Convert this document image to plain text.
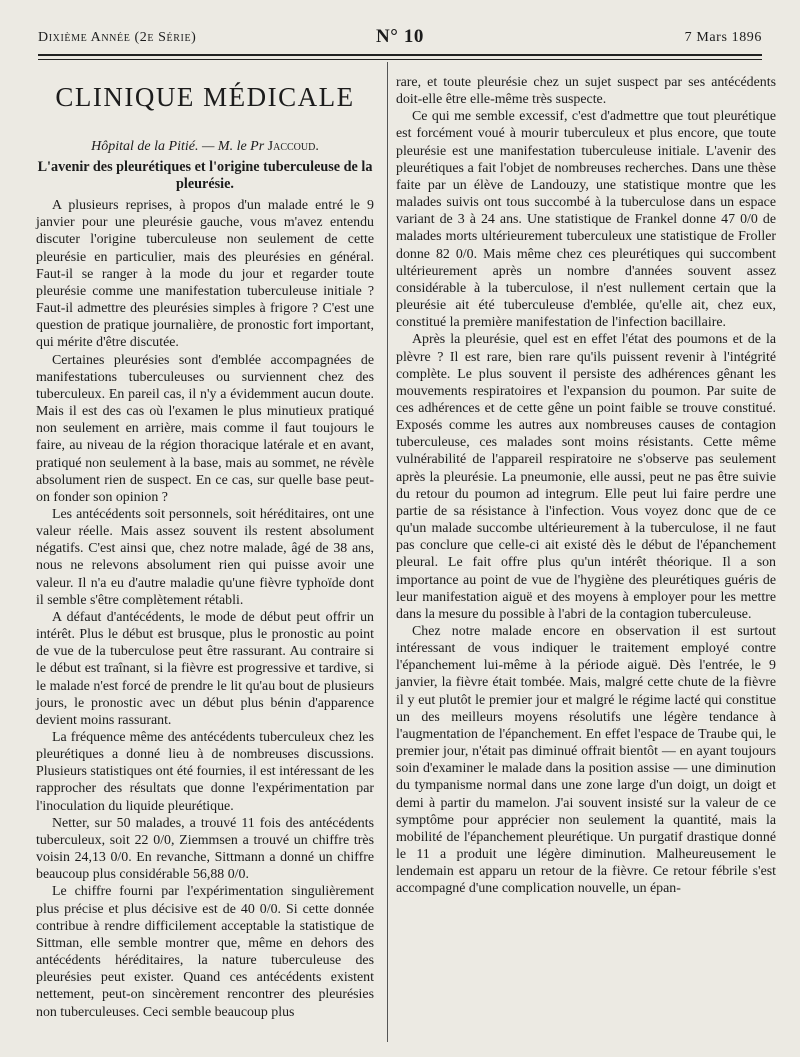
Dixième Année (2e Série)	N° 10	7 Mars 1896
CLINIQUE MÉDICALE
Hôpital de la Pitié. — M. le Pr Jaccoud.
L'avenir des pleurétiques et l'origine tuberculeuse de la pleurésie.

A plusieurs reprises, à propos d'un malade entré le 9 janvier pour une pleurésie gauche, vous m'avez entendu discuter l'origine tuberculeuse non seulement de cette pleurésie en particulier, mais des pleurésies en général. Faut-il se ranger à la mode du jour et regarder toute pleurésie comme une manifestation tuberculeuse initiale ? Faut-il admettre des pleurésies simples à frigore ? C'est une question de pratique journalière, de pronostic fort important, qui mérite d'être discutée.

Certaines pleurésies sont d'emblée accompagnées de manifestations tuberculeuses ou surviennent chez des tuberculeux. En pareil cas, il n'y a évidemment aucun doute. Mais il est des cas où l'examen le plus minutieux pratiqué non seulement en arrière, mais comme il faut toujours le faire, au niveau de la région thoracique latérale et en avant, pratiqué non seulement à la base, mais au sommet, ne révèle absolument rien de suspect. En ce cas, sur quelle base peut-on fonder son opinion ?

Les antécédents soit personnels, soit héréditaires, ont une valeur réelle. Mais assez souvent ils restent absolument négatifs. C'est ainsi que, chez notre malade, âgé de 38 ans, nous ne relevons absolument rien qui puisse avoir une valeur. Il n'a eu d'autre maladie qu'une fièvre typhoïde dont il semble s'être complètement rétabli.

A défaut d'antécédents, le mode de début peut offrir un intérêt. Plus le début est brusque, plus le pronostic au point de vue de la tuberculose peut être rassurant. Au contraire si le début est traînant, si la fièvre est progressive et tardive, si le malade n'est forcé de prendre le lit qu'au bout de plusieurs jours, le pronostic avec un début plus bénin d'apparence devient moins rassurant.

La fréquence même des antécédents tuberculeux chez les pleurétiques a donné lieu à de nombreuses discussions. Plusieurs statistiques ont été fournies, il est intéressant de les rapprocher des résultats que donne l'expérimentation par l'inoculation du liquide pleurétique.

Netter, sur 50 malades, a trouvé 11 fois des antécédents tuberculeux, soit 22 0/0, Ziemmsen a trouvé un chiffre très voisin 24,13 0/0. En revanche, Sittmann a donné un chiffre beaucoup plus considérable 56,88 0/0.

Le chiffre fourni par l'expérimentation singulièrement plus précise et plus décisive est de 40 0/0. Si cette donnée contribue à rendre difficilement acceptable la statistique de Sittman, elle semble montrer que, même en dehors des antécédents héréditaires, la nature tuberculeuse des pleurésies peut exister. Quand ces antécédents existent nettement, peut-on sincèrement rencontrer des pleurésies non tuberculeuses. Ceci semble beaucoup plus

rare, et toute pleurésie chez un sujet suspect par ses antécédents doit-elle être elle-même très suspecte.

Ce qui me semble excessif, c'est d'admettre que tout pleurétique est forcément voué à mourir tuberculeux et plus encore, que toute pleurésie est une manifestation tuberculeuse initiale. L'avenir des pleurétiques a fait l'objet de nombreuses recherches. Dans une thèse faite par un élève de Landouzy, une statistique montre que les malades suivis ont tous succombé à la tuberculose dans un espace variant de 3 à 24 ans. Une statistique de Frankel donne 47 0/0 de malades morts ultérieurement tuberculeux une statistique de Froller donne 82 0/0. Mais même chez ces pleurétiques qui succombent ultérieurement après un nombre d'années souvent assez considérable à la tuberculose, il n'est nullement certain que la pleurésie ait été tuberculeuse d'emblée, qu'elle ait, chez eux, constitué la première manifestation de l'infection bacillaire.

Après la pleurésie, quel est en effet l'état des poumons et de la plèvre ? Il est rare, bien rare qu'ils puissent revenir à l'intégrité complète. Le plus souvent il persiste des adhérences gênant les mouvements respiratoires et l'expansion du poumon. Par suite de ces adhérences et de cette gêne un point faible se trouve constitué. Exposés comme les autres aux nombreuses causes de contagion tuberculeuse, ces malades sont moins résistants. Cette même vulnérabilité de l'appareil respiratoire ne s'observe pas seulement après la pleurésie. La pneumonie, elle aussi, peut ne pas être suivie du retour du poumon ad integrum. Elle peut lui faire perdre une partie de sa résistance à l'infection. Vous voyez donc que de ce qu'un malade succombe ultérieurement à la tuberculose, il ne faut pas conclure que celle-ci ait existé dès le début de l'épanchement pleural. Le fait offre plus qu'un intérêt théorique. Il a son importance au point de vue de l'hygiène des pleurétiques guéris de leur manifestation aiguë et des moyens à employer pour les mettre dans la mesure du possible à l'abri de la contagion tuberculeuse.

Chez notre malade encore en observation il est surtout intéressant de vous indiquer le traitement employé contre l'épanchement lui-même à la période aiguë. Dès l'entrée, le 9 janvier, la fièvre était tombée. Mais, malgré cette chute de la fièvre il y eut plutôt le premier jour et malgré le régime lacté qui constitue un des meilleurs moyens résolutifs une légère tendance à l'augmentation de l'épanchement. En effet l'espace de Traube qui, le premier jour, n'était pas diminué offrait bientôt — en ayant toujours soin d'examiner le malade dans la position assise — une diminution du tympanisme normal dans une zone large d'un doigt, un doigt et demi à partir du mamelon. J'ai souvent insisté sur la valeur de ce symptôme pour apprécier non seulement la quantité, mais la mobilité de l'épanchement pleurétique. Un purgatif drastique donné le 11 a produit une légère diminution. Malheureusement le lendemain est apparu un retour de la fièvre. Ce retour fébrile s'est accompagné d'une complication nouvelle, un épan-
